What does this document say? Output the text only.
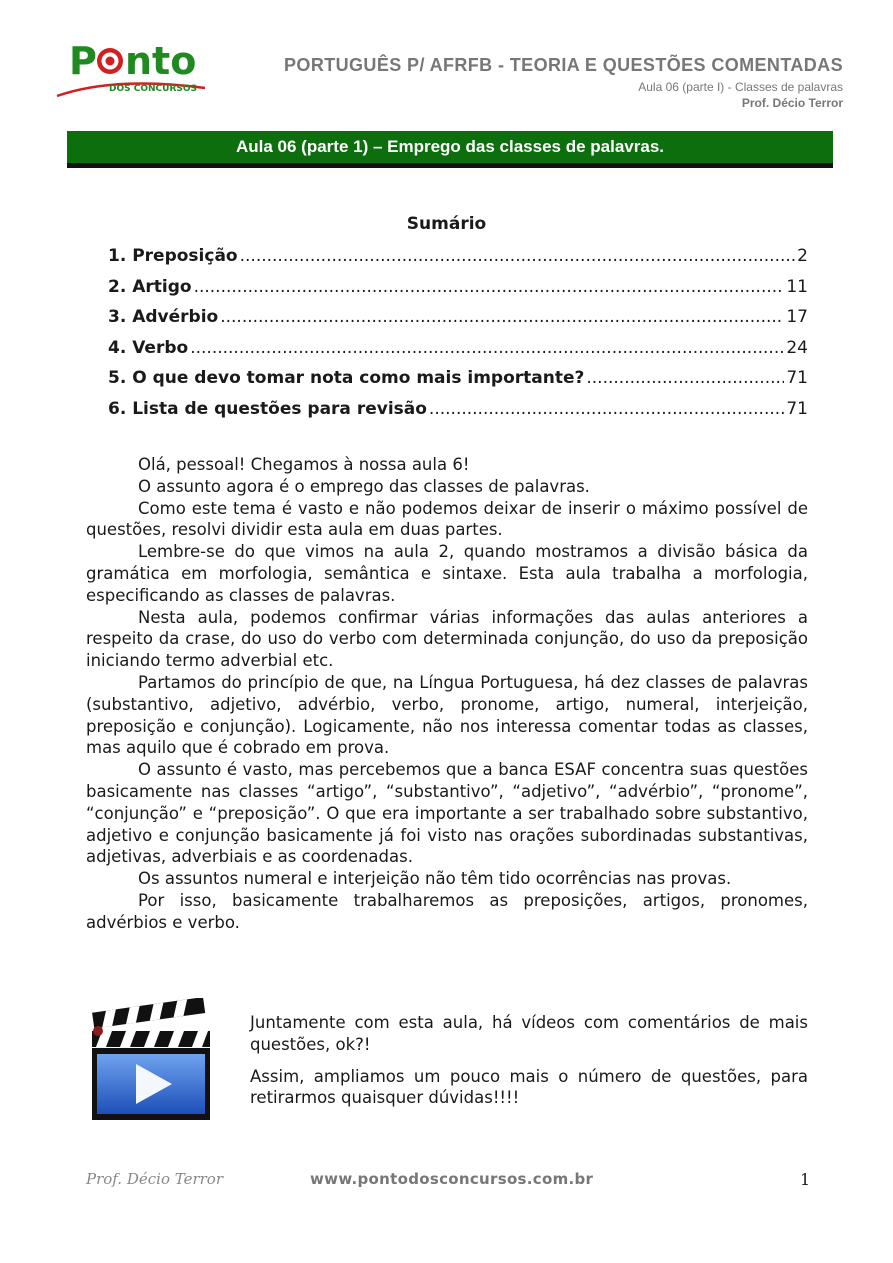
P nto
DOS CONCURSOS
PORTUGUÊS P/ AFRFB - TEORIA E QUESTÕES COMENTADAS
Aula 06 (parte I) - Classes de palavras
Prof. Décio Terror
Aula 06 (parte 1) – Emprego das classes de palavras.
Sumário
1. Preposição .....	2
2. Artigo .....	11
3. Advérbio .....	17
4. Verbo .....	24
5. O que devo tomar nota como mais importante? .....	71
6. Lista de questões para revisão .....	71

Olá, pessoal! Chegamos à nossa aula 6!

O assunto agora é o emprego das classes de palavras.

Como este tema é vasto e não podemos deixar de inserir o máximo possível de questões, resolvi dividir esta aula em duas partes.

Lembre-se do que vimos na aula 2, quando mostramos a divisão básica da gramática em morfologia, semântica e sintaxe. Esta aula trabalha a morfologia, especificando as classes de palavras.

Nesta aula, podemos confirmar várias informações das aulas anteriores a respeito da crase, do uso do verbo com determinada conjunção, do uso da preposição iniciando termo adverbial etc.

Partamos do princípio de que, na Língua Portuguesa, há dez classes de palavras (substantivo, adjetivo, advérbio, verbo, pronome, artigo, numeral, interjeição, preposição e conjunção). Logicamente, não nos interessa comentar todas as classes, mas aquilo que é cobrado em prova.

O assunto é vasto, mas percebemos que a banca ESAF concentra suas questões basicamente nas classes “artigo”, “substantivo”, “adjetivo”, “advérbio”, “pronome”, “conjunção” e “preposição”. O que era importante a ser trabalhado sobre substantivo, adjetivo e conjunção basicamente já foi visto nas orações subordinadas substantivas, adjetivas, adverbiais e as coordenadas.

Os assuntos numeral e interjeição não têm tido ocorrências nas provas.

Por isso, basicamente trabalharemos as preposições, artigos, pronomes, advérbios e verbo.

Juntamente com esta aula, há vídeos com comentários de mais questões, ok?!

Assim, ampliamos um pouco mais o número de questões, para retirarmos quaisquer dúvidas!!!!

Prof. Décio Terror	www.pontodosconcursos.com.br	1
